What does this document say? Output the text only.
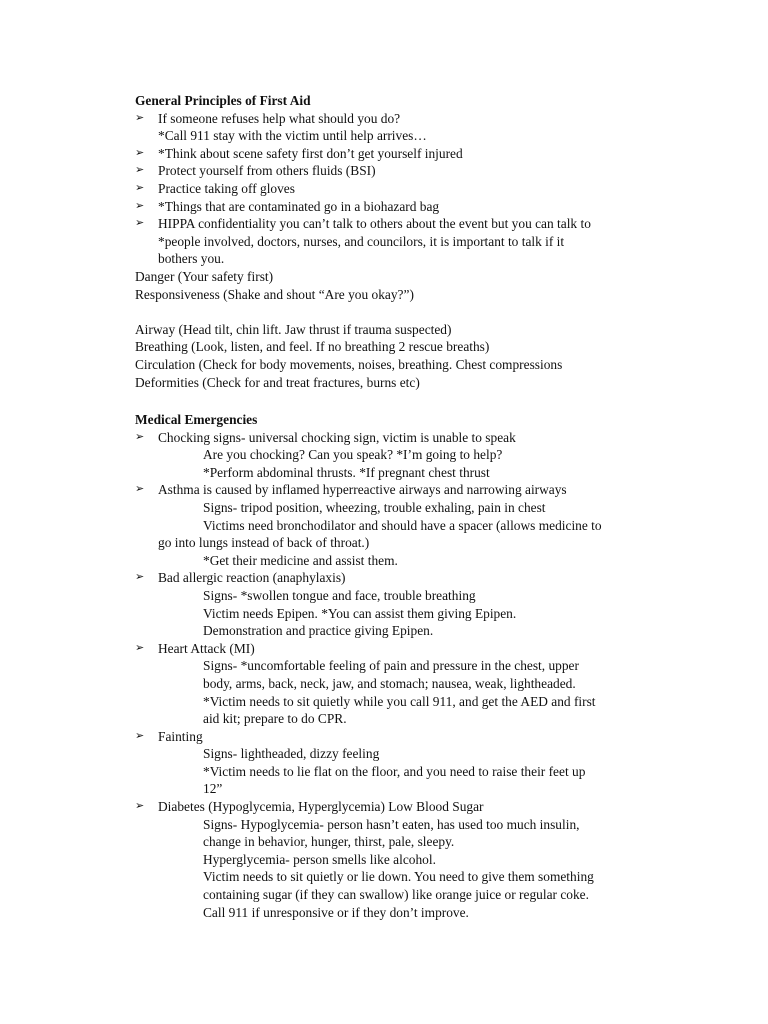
General Principles of First Aid
➢	If someone refuses help what should you do?
*Call 911 stay with the victim until help arrives…
➢	*Think about scene safety first don’t get yourself injured
➢	Protect yourself from others fluids (BSI)
➢	Practice taking off gloves
➢	*Things that are contaminated go in a biohazard bag
➢	HIPPA confidentiality you can’t talk to others about the event but you can talk to
*people involved, doctors, nurses, and councilors, it is important to talk if it
bothers you.
Danger (Your safety first)
Responsiveness (Shake and shout “Are you okay?”)
Airway (Head tilt, chin lift. Jaw thrust if trauma suspected)
Breathing (Look, listen, and feel. If no breathing 2 rescue breaths)
Circulation (Check for body movements, noises, breathing. Chest compressions
Deformities (Check for and treat fractures, burns etc)
Medical Emergencies
➢	Chocking signs- universal chocking sign, victim is unable to speak
Are you chocking? Can you speak? *I’m going to help?
*Perform abdominal thrusts. *If pregnant chest thrust
➢	Asthma is caused by inflamed hyperreactive airways and narrowing airways
Signs- tripod position, wheezing, trouble exhaling, pain in chest
Victims need bronchodilator and should have a spacer (allows medicine to
go into lungs instead of back of throat.)
*Get their medicine and assist them.
➢	Bad allergic reaction (anaphylaxis)
Signs- *swollen tongue and face, trouble breathing
Victim needs Epipen. *You can assist them giving Epipen.
Demonstration and practice giving Epipen.
➢	Heart Attack (MI)
Signs- *uncomfortable feeling of pain and pressure in the chest, upper
body, arms, back, neck, jaw, and stomach; nausea, weak, lightheaded.
*Victim needs to sit quietly while you call 911, and get the AED and first
aid kit; prepare to do CPR.
➢	Fainting
Signs- lightheaded, dizzy feeling
*Victim needs to lie flat on the floor, and you need to raise their feet up
12”
➢	Diabetes (Hypoglycemia, Hyperglycemia) Low Blood Sugar
Signs- Hypoglycemia- person hasn’t eaten, has used too much insulin,
change in behavior, hunger, thirst, pale, sleepy.
Hyperglycemia- person smells like alcohol.
Victim needs to sit quietly or lie down. You need to give them something
containing sugar (if they can swallow) like orange juice or regular coke.
Call 911 if unresponsive or if they don’t improve.
